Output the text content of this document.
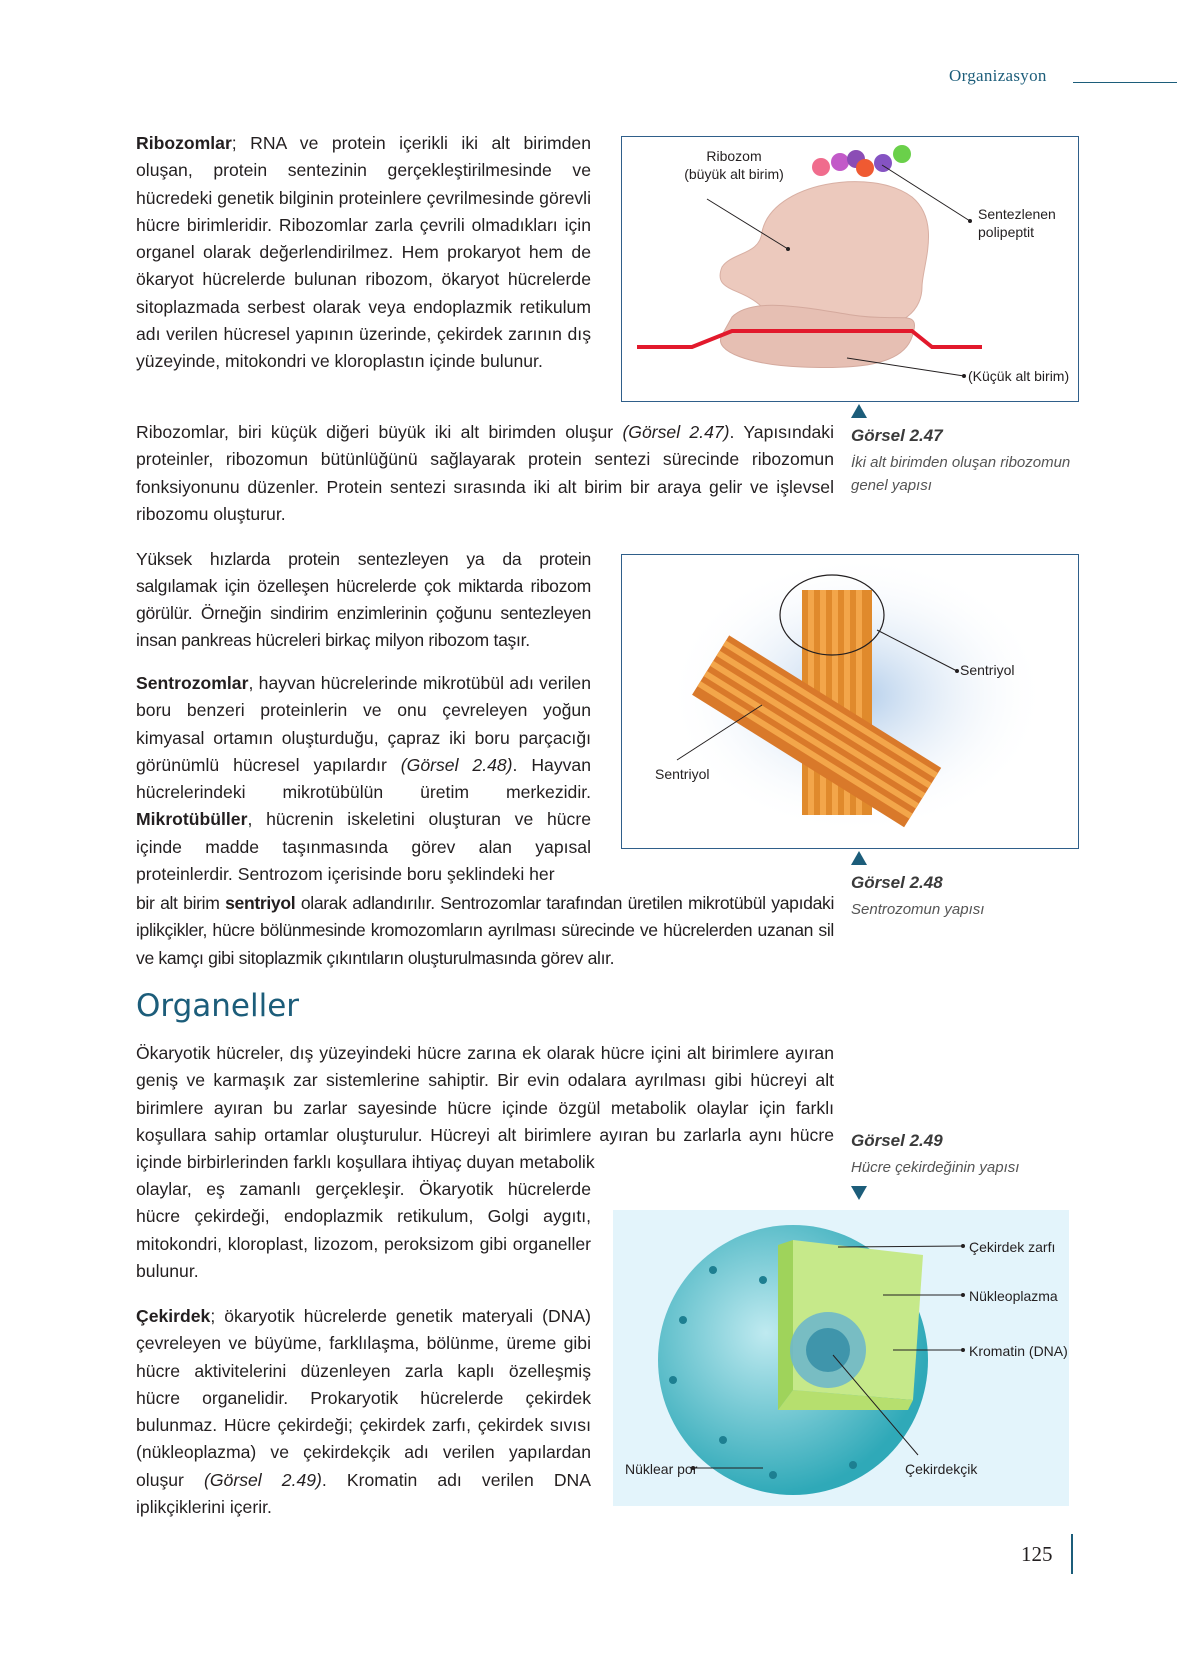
Organizasyon

Ribozomlar; RNA ve protein içerikli iki alt birimden oluşan, protein sentezinin gerçekleştirilmesinde ve hücredeki genetik bilginin proteinlere çevrilmesinde görevli hücre birimleridir. Ribozomlar zarla çevrili olmadıkları için organel olarak değerlendirilmez. Hem prokaryot hem de ökaryot hücrelerde bulunan ribozom, ökaryot hücrelerde sitoplazmada serbest olarak veya endoplazmik retikulum adı verilen hücresel yapının üzerinde, çekirdek zarının dış yüzeyinde, mitokondri ve kloroplastın içinde bulunur.

Ribozom
(büyük alt birim)
Sentezlenen
polipeptit
(Küçük alt birim)
Görsel 2.47
İki alt birimden oluşan ribozomun genel yapısı

Ribozomlar, biri küçük diğeri büyük iki alt birimden oluşur (Görsel 2.47). Yapısındaki proteinler, ribozomun bütünlüğünü sağlayarak protein sentezi sürecinde ribozomun fonksiyonunu düzenler. Protein sentezi sırasında iki alt birim bir araya gelir ve işlevsel ribozomu oluşturur.

Yüksek hızlarda protein sentezleyen ya da protein salgılamak için özelleşen hücrelerde çok miktarda ribozom görülür. Örneğin sindirim enzimlerinin çoğunu sentezleyen insan pankreas hücreleri birkaç milyon ribozom taşır.

Sentriyol
Sentriyol
Görsel 2.48
Sentrozomun yapısı

Sentrozomlar, hayvan hücrelerinde mikrotübül adı verilen boru benzeri proteinlerin ve onu çevreleyen yoğun kimyasal ortamın oluşturduğu, çapraz iki boru parçacığı görünümlü hücresel yapılardır (Görsel 2.48). Hayvan hücrelerindeki mikrotübülün üretim merkezidir. Mikrotübüller, hücrenin iskeletini oluşturan ve hücre içinde madde taşınmasında görev alan yapısal proteinlerdir. Sentrozom içerisinde boru şeklindeki her

bir alt birim sentriyol olarak adlandırılır. Sentrozomlar tarafından üretilen mikrotübül yapıdaki iplikçikler, hücre bölünmesinde kromozomların ayrılması sürecinde ve hücrelerden uzanan sil ve kamçı gibi sitoplazmik çıkıntıların oluşturulmasında görev alır.

Organeller

Ökaryotik hücreler, dış yüzeyindeki hücre zarına ek olarak hücre içini alt birimlere ayıran geniş ve karmaşık zar sistemlerine sahiptir. Bir evin odalara ayrılması gibi hücreyi alt birimlere ayıran bu zarlar sayesinde hücre içinde özgül metabolik olaylar için farklı koşullara sahip ortamlar oluşturulur. Hücreyi alt birimlere ayıran bu zarlarla aynı hücre içinde birbirlerinden farklı koşullara ihtiyaç duyan metabolik

olaylar, eş zamanlı gerçekleşir. Ökaryotik hücrelerde hücre çekirdeği, endoplazmik retikulum, Golgi aygıtı, mitokondri, kloroplast, lizozom, peroksizom gibi organeller bulunur.

Görsel 2.49
Hücre çekirdeğinin yapısı
Çekirdek zarfı
Nükleoplazma
Kromatin (DNA)
Nüklear por	Çekirdekçik

Çekirdek; ökaryotik hücrelerde genetik materyali (DNA) çevreleyen ve büyüme, farklılaşma, bölünme, üreme gibi hücre aktivitelerini düzenleyen zarla kaplı özelleşmiş hücre organelidir. Prokaryotik hücrelerde çekirdek bulunmaz. Hücre çekirdeği; çekirdek zarfı, çekirdek sıvısı (nükleoplazma) ve çekirdekçik adı verilen yapılardan oluşur (Görsel 2.49). Kromatin adı verilen DNA iplikçiklerini içerir.

125
